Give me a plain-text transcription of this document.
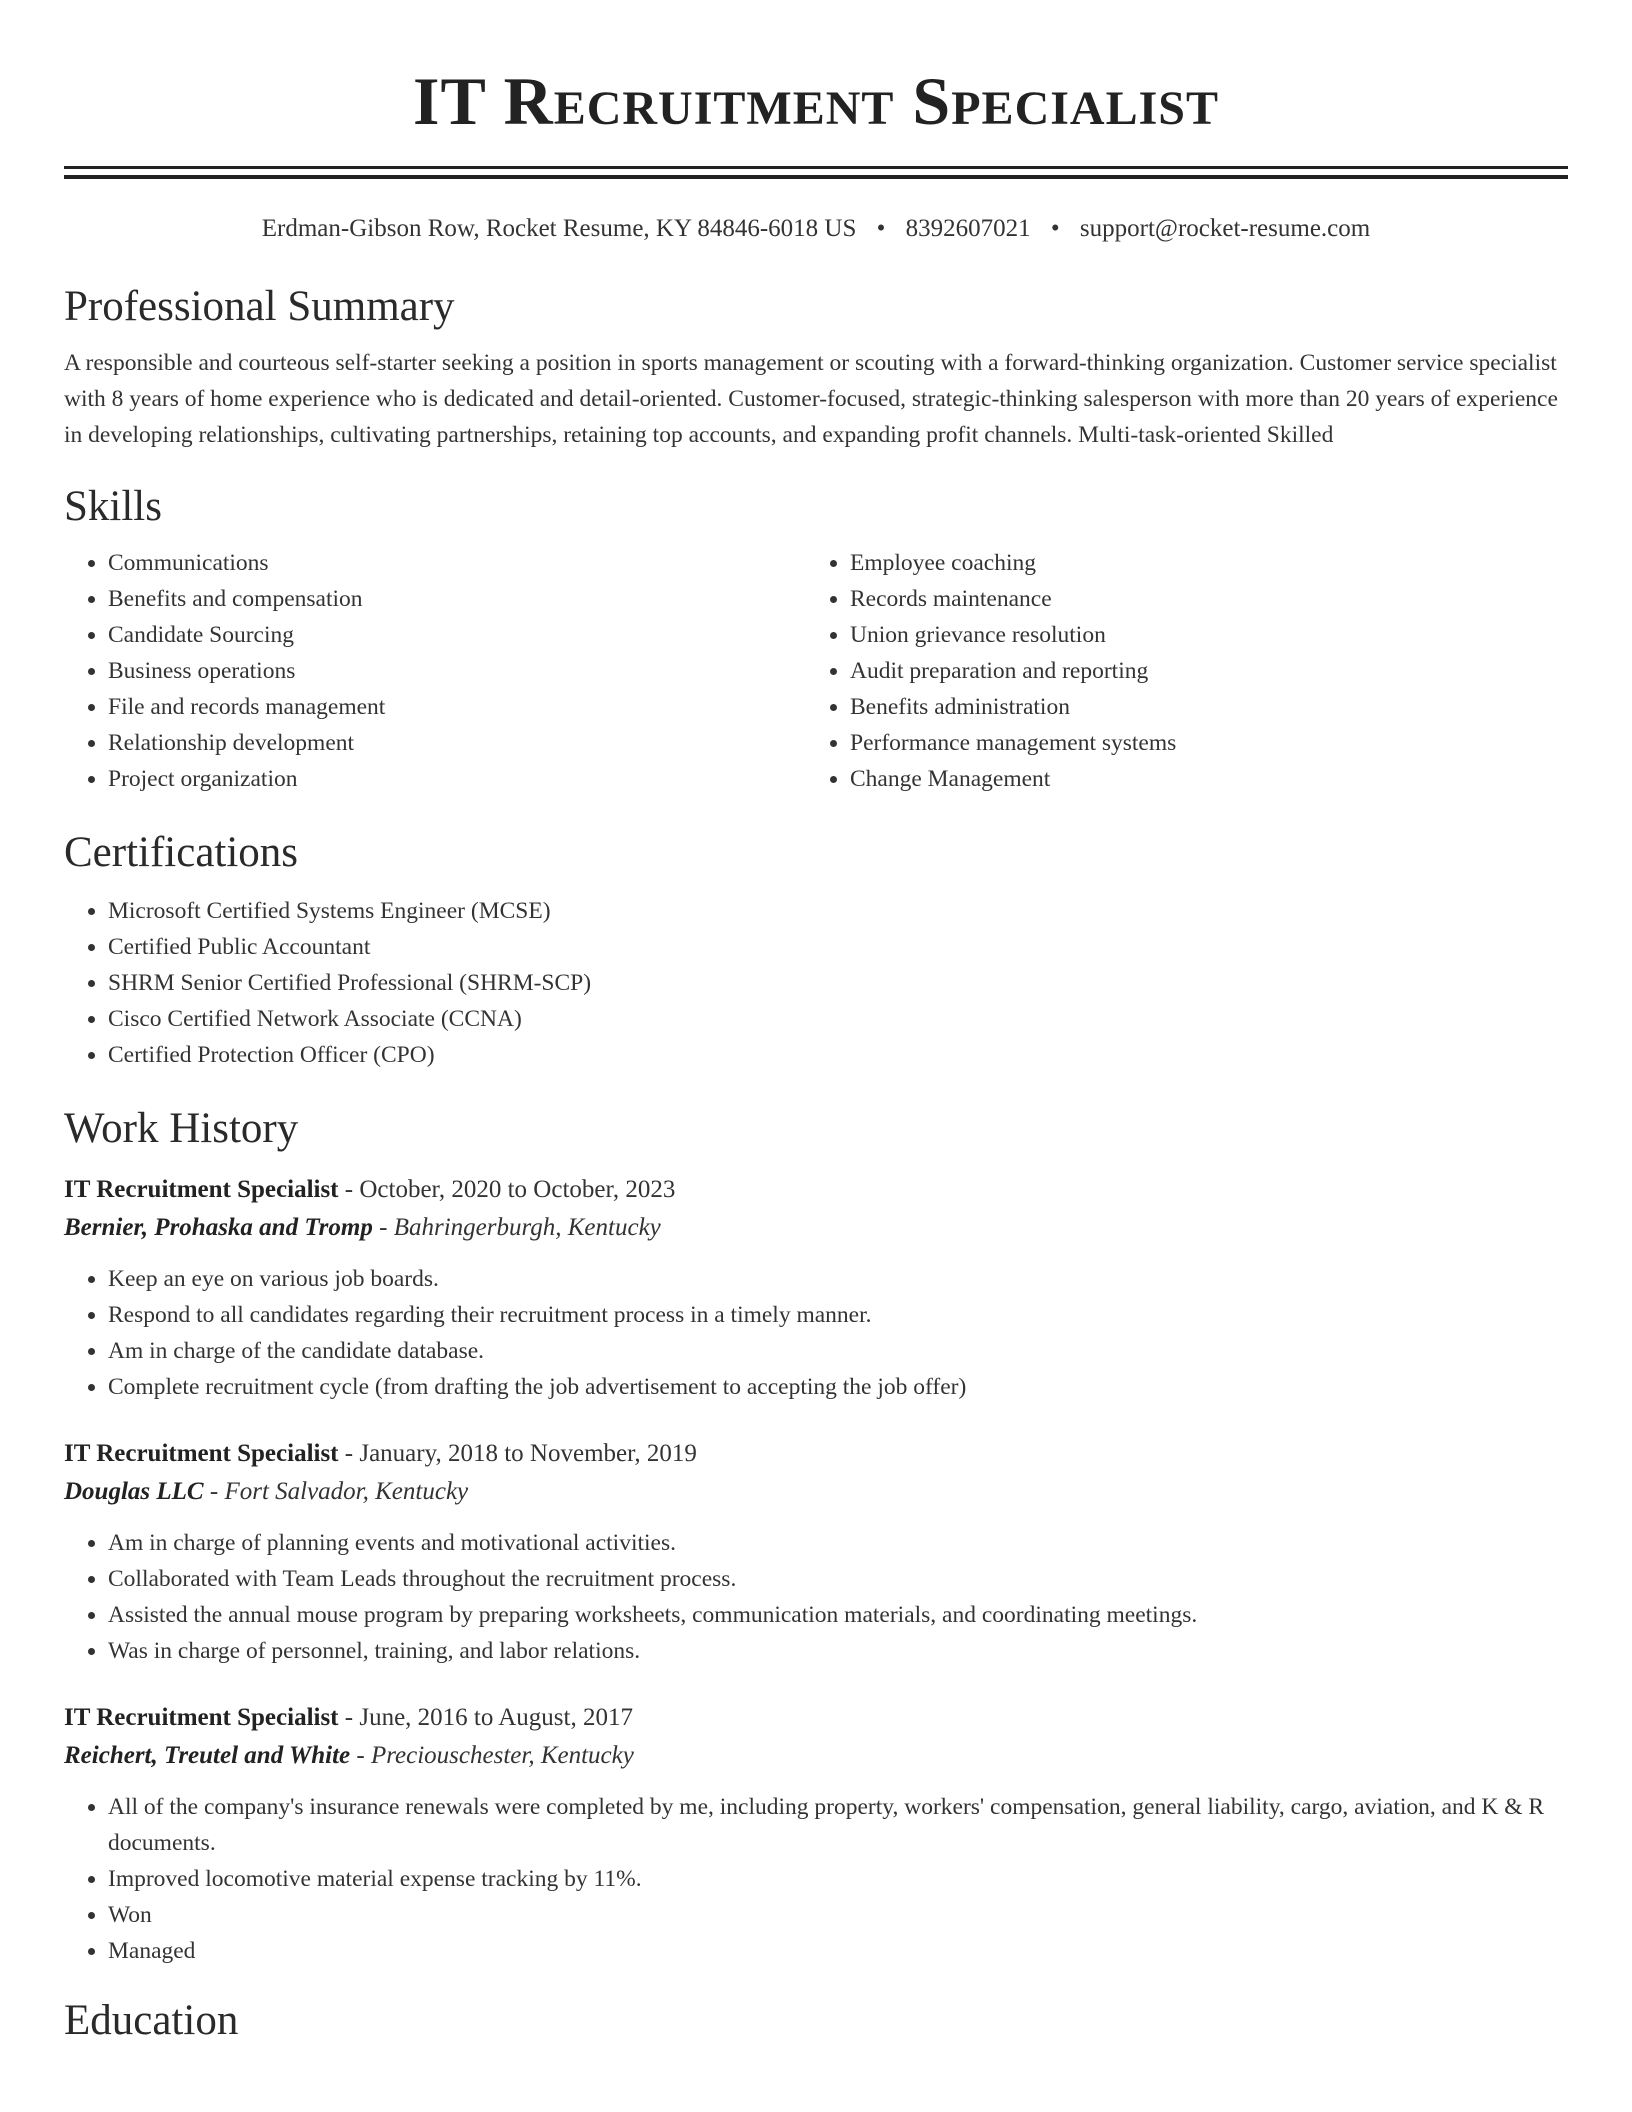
IT Recruitment Specialist
Erdman-Gibson Row, Rocket Resume, KY 84846-6018 US • 8392607021 • support@rocket-resume.com
Professional Summary

A responsible and courteous self-starter seeking a position in sports management or scouting with a forward-thinking organization. Customer service specialist with 8 years of home experience who is dedicated and detail-oriented. Customer-focused, strategic-thinking salesperson with more than 20 years of experience in developing relationships, cultivating partnerships, retaining top accounts, and expanding profit channels. Multi-task-oriented Skilled

Skills
• Communications
• Benefits and compensation
• Candidate Sourcing
• Business operations
• File and records management
• Relationship development
• Project organization
• Employee coaching
• Records maintenance
• Union grievance resolution
• Audit preparation and reporting
• Benefits administration
• Performance management systems
• Change Management
Certifications
• Microsoft Certified Systems Engineer (MCSE)
• Certified Public Accountant
• SHRM Senior Certified Professional (SHRM-SCP)
• Cisco Certified Network Associate (CCNA)
• Certified Protection Officer (CPO)
Work History
IT Recruitment Specialist - October, 2020 to October, 2023
Bernier, Prohaska and Tromp - Bahringerburgh, Kentucky
• Keep an eye on various job boards.
• Respond to all candidates regarding their recruitment process in a timely manner.
• Am in charge of the candidate database.
• Complete recruitment cycle (from drafting the job advertisement to accepting the job offer)
IT Recruitment Specialist - January, 2018 to November, 2019
Douglas LLC - Fort Salvador, Kentucky
• Am in charge of planning events and motivational activities.
• Collaborated with Team Leads throughout the recruitment process.
• Assisted the annual mouse program by preparing worksheets, communication materials, and coordinating meetings.
• Was in charge of personnel, training, and labor relations.
IT Recruitment Specialist - June, 2016 to August, 2017
Reichert, Treutel and White - Preciouschester, Kentucky
• All of the company's insurance renewals were completed by me, including property, workers' compensation, general liability, cargo, aviation, and K & R documents.
• Improved locomotive material expense tracking by 11%.
• Won
• Managed
Education
